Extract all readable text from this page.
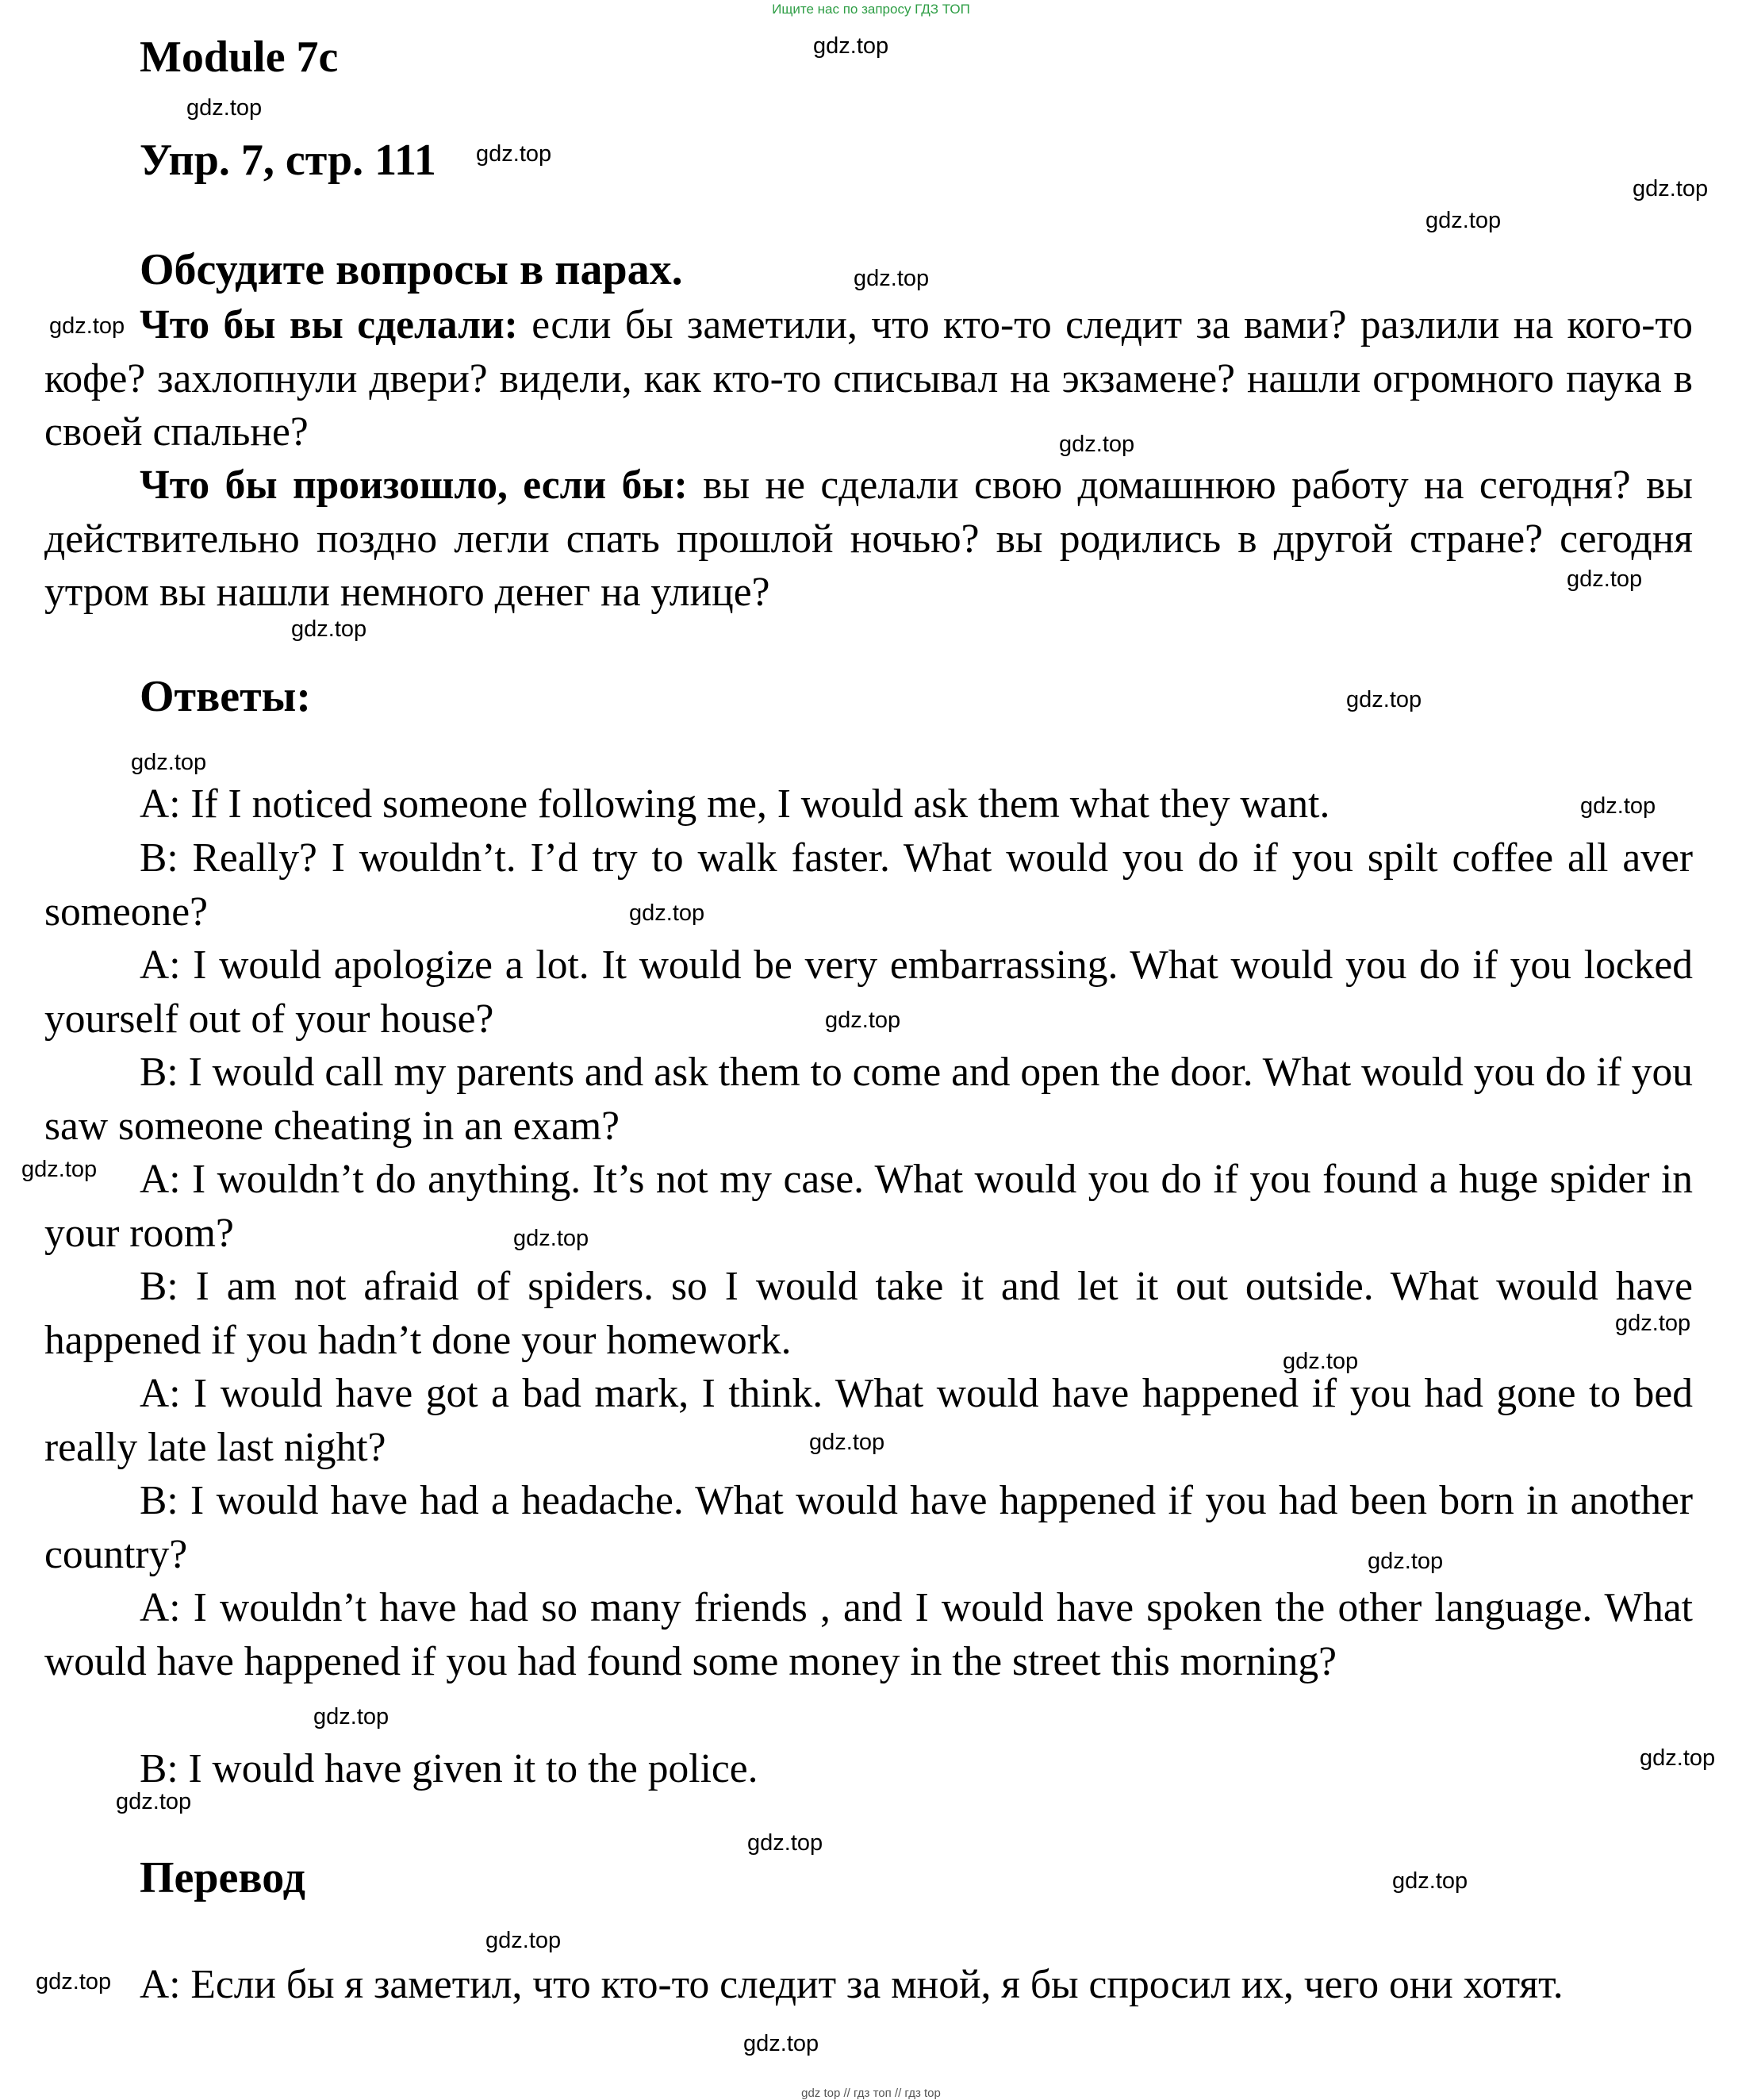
Ищите нас по запросу ГДЗ ТОП
Module 7c
Упр. 7, стр. 111
Обсудите вопросы в парах.
Что бы вы сделали: если бы заметили, что кто-то следит за вами? разлили на кого-то кофе? захлопнули двери? видели, как кто-то списывал на экзамене? нашли огромного паука в своей спальне?
Что бы произошло, если бы: вы не сделали свою домашнюю работу на сегодня? вы действительно поздно легли спать прошлой ночью? вы родились в другой стране? сегодня утром вы нашли немного денег на улице?
Ответы:
A: If I noticed someone following me, I would ask them what they want.
B: Really? I wouldn’t. I’d try to walk faster. What would you do if you spilt coffee all aver someone?
A: I would apologize a lot. It would be very embarrassing. What would you do if you locked yourself out of your house?
B: I would call my parents and ask them to come and open the door. What would you do if you saw someone cheating in an exam?
A: I wouldn’t do anything. It’s not my case. What would you do if you found a huge spider in your room?
B: I am not afraid of spiders. so I would take it and let it out outside. What would have happened if you hadn’t done your homework.
A: I would have got a bad mark, I think. What would have happened if you had gone to bed really late last night?
B: I would have had a headache. What would have happened if you had been born in another country?
A: I wouldn’t have had so many friends , and I would have spoken the other language. What would have happened if you had found some money in the street this morning?
B: I would have given it to the police.
Перевод
A: Если бы я заметил, что кто-то следит за мной, я бы спросил их, чего они хотят.
gdz.top
gdz.top
gdz.top
gdz.top
gdz.top
gdz.top
gdz.top
gdz.top
gdz.top
gdz.top
gdz.top
gdz.top
gdz.top
gdz.top
gdz.top
gdz.top
gdz.top
gdz.top
gdz.top
gdz.top
gdz.top
gdz.top
gdz.top
gdz.top
gdz.top
gdz.top
gdz.top
gdz.top
gdz.top
gdz top // гдз топ // гдз top
